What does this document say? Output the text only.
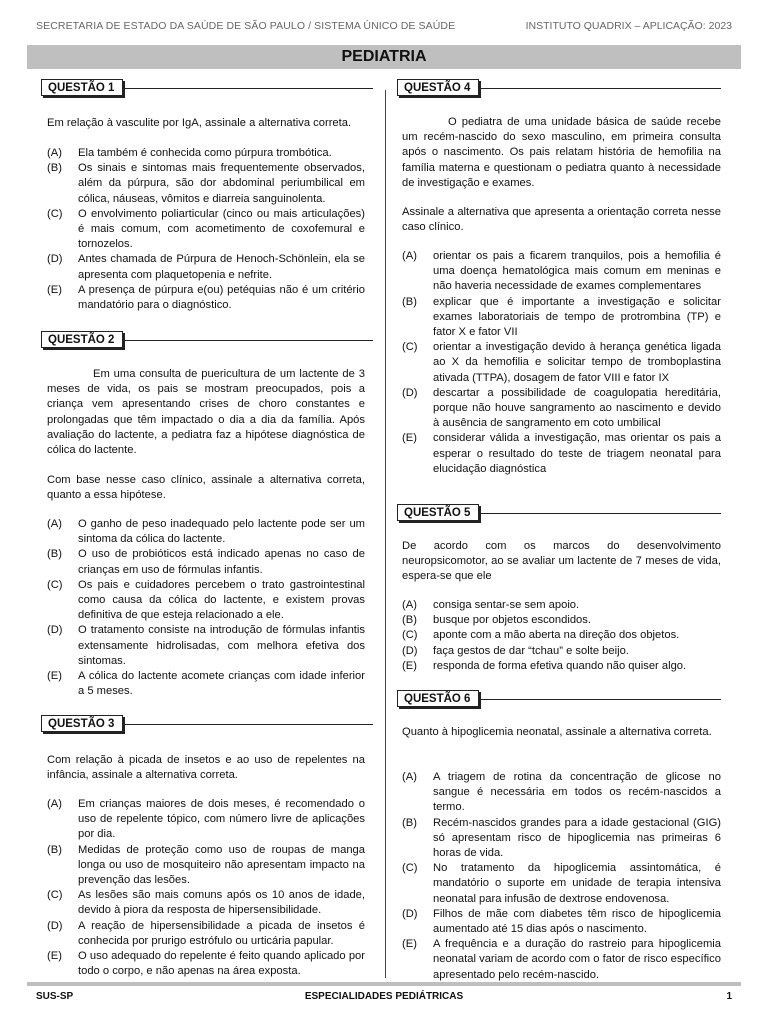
SECRETARIA DE ESTADO DA SAÚDE DE SÃO PAULO / SISTEMA ÚNICO DE SAÚDE	INSTITUTO QUADRIX – APLICAÇÃO: 2023
PEDIATRIA
QUESTÃO 1
Em relação à vasculite por IgA, assinale a alternativa correta.
(A)	Ela também é conhecida como púrpura trombótica.
(B)	Os sinais e sintomas mais frequentemente observados, além da púrpura, são dor abdominal periumbilical em cólica, náuseas, vômitos e diarreia sanguinolenta.
(C)	O envolvimento poliarticular (cinco ou mais articulações) é mais comum, com acometimento de coxofemural e tornozelos.
(D)	Antes chamada de Púrpura de Henoch-Schönlein, ela se apresenta com plaquetopenia e nefrite.
(E)	A presença de púrpura e(ou) petéquias não é um critério mandatório para o diagnóstico.
QUESTÃO 2
Em uma consulta de puericultura de um lactente de 3 meses de vida, os pais se mostram preocupados, pois a criança vem apresentando crises de choro constantes e prolongadas que têm impactado o dia a dia da família. Após avaliação do lactente, a pediatra faz a hipótese diagnóstica de cólica do lactente.
Com base nesse caso clínico, assinale a alternativa correta, quanto a essa hipótese.
(A)	O ganho de peso inadequado pelo lactente pode ser um sintoma da cólica do lactente.
(B)	O uso de probióticos está indicado apenas no caso de crianças em uso de fórmulas infantis.
(C)	Os pais e cuidadores percebem o trato gastrointestinal como causa da cólica do lactente, e existem provas definitiva de que esteja relacionado a ele.
(D)	O tratamento consiste na introdução de fórmulas infantis extensamente hidrolisadas, com melhora efetiva dos sintomas.
(E)	A cólica do lactente acomete crianças com idade inferior a 5 meses.
QUESTÃO 3
Com relação à picada de insetos e ao uso de repelentes na infância, assinale a alternativa correta.
(A)	Em crianças maiores de dois meses, é recomendado o uso de repelente tópico, com número livre de aplicações por dia.
(B)	Medidas de proteção como uso de roupas de manga longa ou uso de mosquiteiro não apresentam impacto na prevenção das lesões.
(C)	As lesões são mais comuns após os 10 anos de idade, devido à piora da resposta de hipersensibilidade.
(D)	A reação de hipersensibilidade a picada de insetos é conhecida por prurigo estrófulo ou urticária papular.
(E)	O uso adequado do repelente é feito quando aplicado por todo o corpo, e não apenas na área exposta.
QUESTÃO 4
O pediatra de uma unidade básica de saúde recebe um recém-nascido do sexo masculino, em primeira consulta após o nascimento. Os pais relatam história de hemofilia na família materna e questionam o pediatra quanto à necessidade de investigação e exames.
Assinale a alternativa que apresenta a orientação correta nesse caso clínico.
(A)	orientar os pais a ficarem tranquilos, pois a hemofilia é uma doença hematológica mais comum em meninas e não haveria necessidade de exames complementares
(B)	explicar que é importante a investigação e solicitar exames laboratoriais de tempo de protrombina (TP) e fator X e fator VII
(C)	orientar a investigação devido à herança genética ligada ao X da hemofilia e solicitar tempo de tromboplastina ativada (TTPA), dosagem de fator VIII e fator IX
(D)	descartar a possibilidade de coagulopatia hereditária, porque não houve sangramento ao nascimento e devido à ausência de sangramento em coto umbilical
(E)	considerar válida a investigação, mas orientar os pais a esperar o resultado do teste de triagem neonatal para elucidação diagnóstica
QUESTÃO 5
De acordo com os marcos do desenvolvimento neuropsicomotor, ao se avaliar um lactente de 7 meses de vida, espera-se que ele
(A)	consiga sentar-se sem apoio.
(B)	busque por objetos escondidos.
(C)	aponte com a mão aberta na direção dos objetos.
(D)	faça gestos de dar “tchau” e solte beijo.
(E)	responda de forma efetiva quando não quiser algo.
QUESTÃO 6
Quanto à hipoglicemia neonatal, assinale a alternativa correta.
(A)	A triagem de rotina da concentração de glicose no sangue é necessária em todos os recém-nascidos a termo.
(B)	Recém-nascidos grandes para a idade gestacional (GIG) só apresentam risco de hipoglicemia nas primeiras 6 horas de vida.
(C)	No tratamento da hipoglicemia assintomática, é mandatório o suporte em unidade de terapia intensiva neonatal para infusão de dextrose endovenosa.
(D)	Filhos de mãe com diabetes têm risco de hipoglicemia aumentado até 15 dias após o nascimento.
(E)	A frequência e a duração do rastreio para hipoglicemia neonatal variam de acordo com o fator de risco específico apresentado pelo recém-nascido.
SUS-SP	ESPECIALIDADES PEDIÁTRICAS	1
